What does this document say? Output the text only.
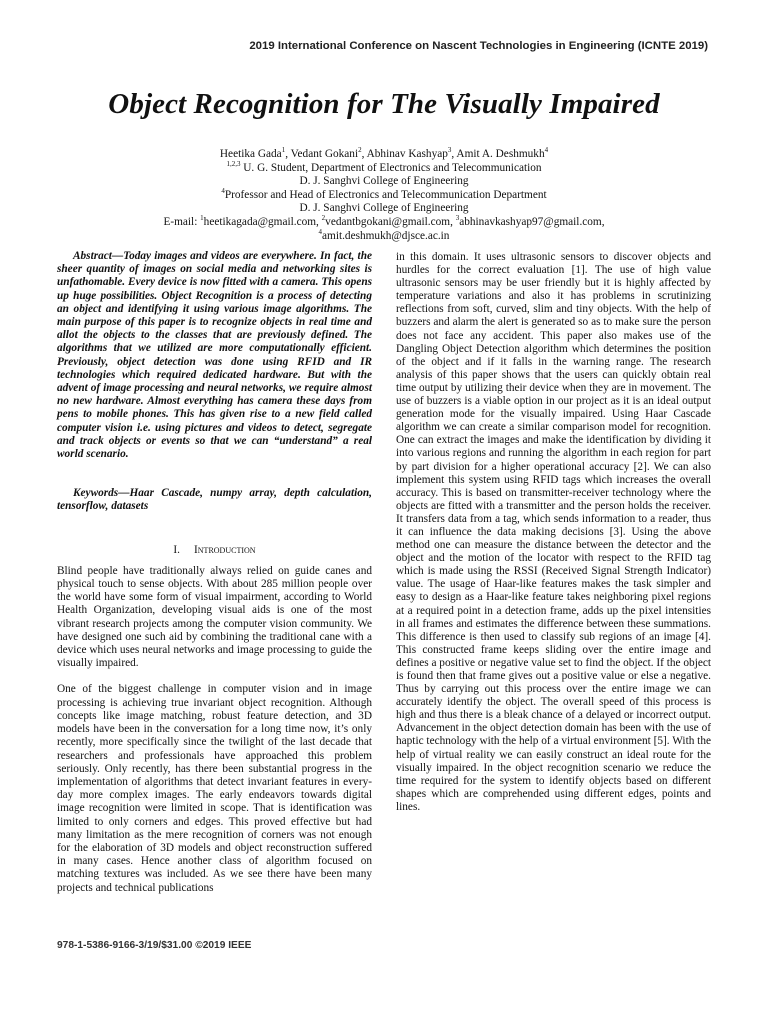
2019 International Conference on Nascent Technologies in Engineering (ICNTE 2019)
Object Recognition for The Visually Impaired
Heetika Gada$^1$, Vedant Gokani$^2$, Abhinav Kashyap$^3$, Amit A. Deshmukh$^4$
$^{1,2,3}$ U. G. Student, Department of Electronics and Telecommunication
D. J. Sanghvi College of Engineering
$^4$Professor and Head of Electronics and Telecommunication Department
D. J. Sanghvi College of Engineering
E-mail: $^1$heetikagada@gmail.com, $^2$vedantbgokani@gmail.com, $^3$abhinavkashyap97@gmail.com,
$^4$amit.deshmukh@djsce.ac.in

Abstract—Today images and videos are everywhere. In fact, the sheer quantity of images on social media and networking sites is unfathomable. Every device is now fitted with a camera. This opens up huge possibilities. Object Recognition is a process of detecting an object and identifying it using various image algorithms. The main purpose of this paper is to recognize objects in real time and allot the objects to the classes that are previously defined. The algorithms that we utilized are more computationally efficient. Previously, object detection was done using RFID and IR technologies which required dedicated hardware. But with the advent of image processing and neural networks, we require almost no new hardware. Almost everything has camera these days from pens to mobile phones. This has given rise to a new field called computer vision i.e. using pictures and videos to detect, segregate and track objects or events so that we can “understand” a real world scenario.

Keywords—Haar Cascade, numpy array, depth calculation, tensorflow, datasets

I. Introduction

Blind people have traditionally always relied on guide canes and physical touch to sense objects. With about 285 million people over the world have some form of visual impairment, according to World Health Organization, developing visual aids is one of the most vibrant research projects among the computer vision community. We have designed one such aid by combining the traditional cane with a device which uses neural networks and image processing to guide the visually impaired.

One of the biggest challenge in computer vision and in image processing is achieving true invariant object recognition. Although concepts like image matching, robust feature detection, and 3D models have been in the conversation for a long time now, it’s only recently, more specifically since the twilight of the last decade that researchers and professionals have approached this problem seriously. Only recently, has there been substantial progress in the implementation of algorithms that detect invariant features in every-day more complex images. The early endeavors towards digital image recognition were limited in scope. That is identification was limited to only corners and edges. This proved effective but had many limitation as the mere recognition of corners was not enough for the elaboration of 3D models and object reconstruction suffered in many cases. Hence another class of algorithm focused on matching textures was included. As we see there have been many projects and technical publications

in this domain. It uses ultrasonic sensors to discover objects and hurdles for the correct evaluation [1]. The use of high value ultrasonic sensors may be user friendly but it is highly affected by temperature variations and also it has problems in scrutinizing reflections from soft, curved, slim and tiny objects. With the help of buzzers and alarm the alert is generated so as to make sure the person does not face any accident. This paper also makes use of the Dangling Object Detection algorithm which determines the position of the object and if it falls in the warning range. The research analysis of this paper shows that the users can quickly obtain real time output by utilizing their device when they are in movement. The use of buzzers is a viable option in our project as it is an ideal output generation mode for the visually impaired. Using Haar Cascade algorithm we can create a similar comparison model for recognition. One can extract the images and make the identification by dividing it into various regions and running the algorithm in each region for part by part division for a higher operational accuracy [2]. We can also implement this system using RFID tags which increases the overall accuracy. This is based on transmitter-receiver technology where the objects are fitted with a transmitter and the person holds the receiver. It transfers data from a tag, which sends information to a reader, thus it can influence the data making decisions [3]. Using the above method one can measure the distance between the detector and the object and the motion of the locator with respect to the RFID tag which is made using the RSSI (Received Signal Strength Indicator) value. The usage of Haar-like features makes the task simpler and easy to design as a Haar-like feature takes neighboring pixel regions at a required point in a detection frame, adds up the pixel intensities in all frames and estimates the difference between these summations. This difference is then used to classify sub regions of an image [4]. This constructed frame keeps sliding over the entire image and defines a positive or negative value set to find the object. If the object is found then that frame gives out a positive value or else a negative. Thus by carrying out this process over the entire image we can accurately identify the object. The overall speed of this process is high and thus there is a bleak chance of a delayed or incorrect output. Advancement in the object detection domain has been with the use of haptic technology with the help of a virtual environment [5]. With the help of virtual reality we can easily construct an ideal route for the visually impaired. In the object recognition scenario we reduce the time required for the system to identify objects based on different shapes which are comprehended using different edges, points and lines.

978-1-5386-9166-3/19/$31.00 ©2019 IEEE
